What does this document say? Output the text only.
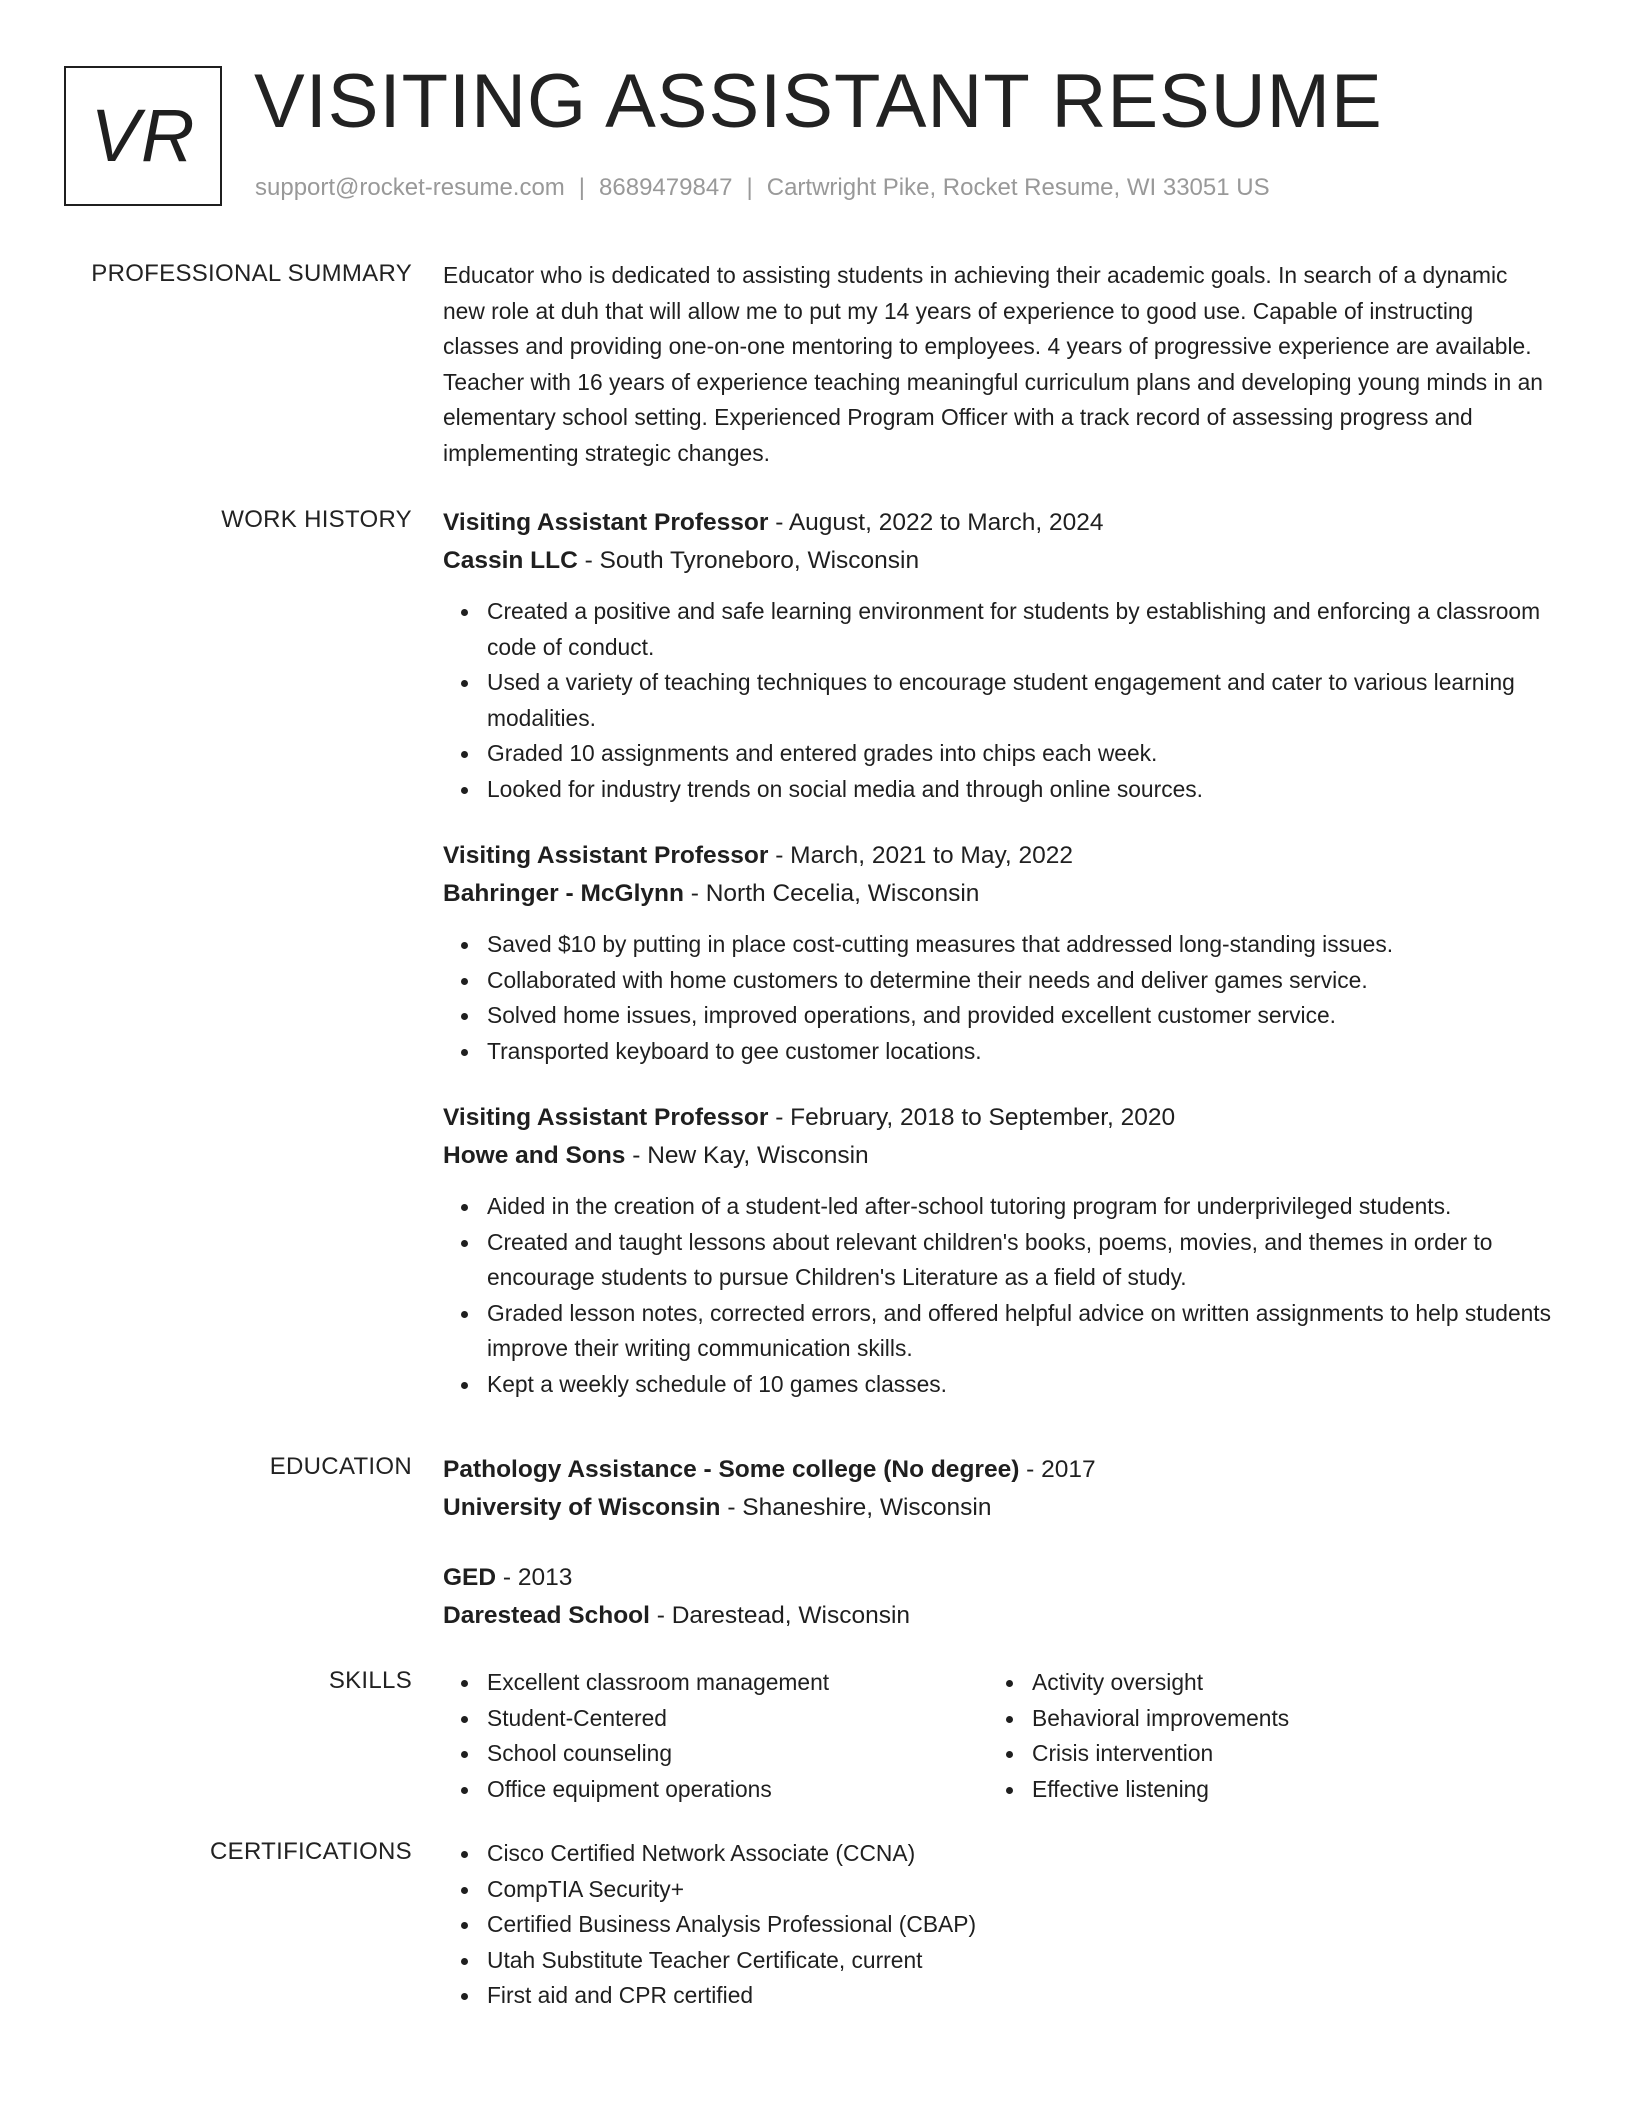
VR VISITING ASSISTANT RESUME
support@rocket-resume.com | 8689479847 | Cartwright Pike, Rocket Resume, WI 33051 US
PROFESSIONAL SUMMARY Educator who is dedicated to assisting students in achieving their academic goals. In search of a dynamic new role at duh that will allow me to put my 14 years of experience to good use. Capable of instructing classes and providing one-on-one mentoring to employees. 4 years of progressive experience are available. Teacher with 16 years of experience teaching meaningful curriculum plans and developing young minds in an elementary school setting. Experienced Program Officer with a track record of assessing progress and implementing strategic changes.

WORK HISTORY Visiting Assistant Professor - August, 2022 to March, 2024
Cassin LLC - South Tyroneboro, Wisconsin
Created a positive and safe learning environment for students by establishing and enforcing a classroom code of conduct.
Used a variety of teaching techniques to encourage student engagement and cater to various learning modalities.
Graded 10 assignments and entered grades into chips each week.
Looked for industry trends on social media and through online sources.
Visiting Assistant Professor - March, 2021 to May, 2022
Bahringer - McGlynn - North Cecelia, Wisconsin
Saved $10 by putting in place cost-cutting measures that addressed long-standing issues.
Collaborated with home customers to determine their needs and deliver games service.
Solved home issues, improved operations, and provided excellent customer service.
Transported keyboard to gee customer locations.
Visiting Assistant Professor - February, 2018 to September, 2020
Howe and Sons - New Kay, Wisconsin
Aided in the creation of a student-led after-school tutoring program for underprivileged students.
Created and taught lessons about relevant children's books, poems, movies, and themes in order to encourage students to pursue Children's Literature as a field of study.
Graded lesson notes, corrected errors, and offered helpful advice on written assignments to help students improve their writing communication skills.
Kept a weekly schedule of 10 games classes.
EDUCATION Pathology Assistance - Some college (No degree) - 2017
University of Wisconsin - Shaneshire, Wisconsin
GED - 2013
Darestead School - Darestead, Wisconsin
SKILLS	Excellent classroom management
Student-Centered
School counseling
Office equipment operations
Activity oversight
Behavioral improvements
Crisis intervention
Effective listening
CERTIFICATIONS	Cisco Certified Network Associate (CCNA)
CompTIA Security+
Certified Business Analysis Professional (CBAP)
Utah Substitute Teacher Certificate, current
First aid and CPR certified
